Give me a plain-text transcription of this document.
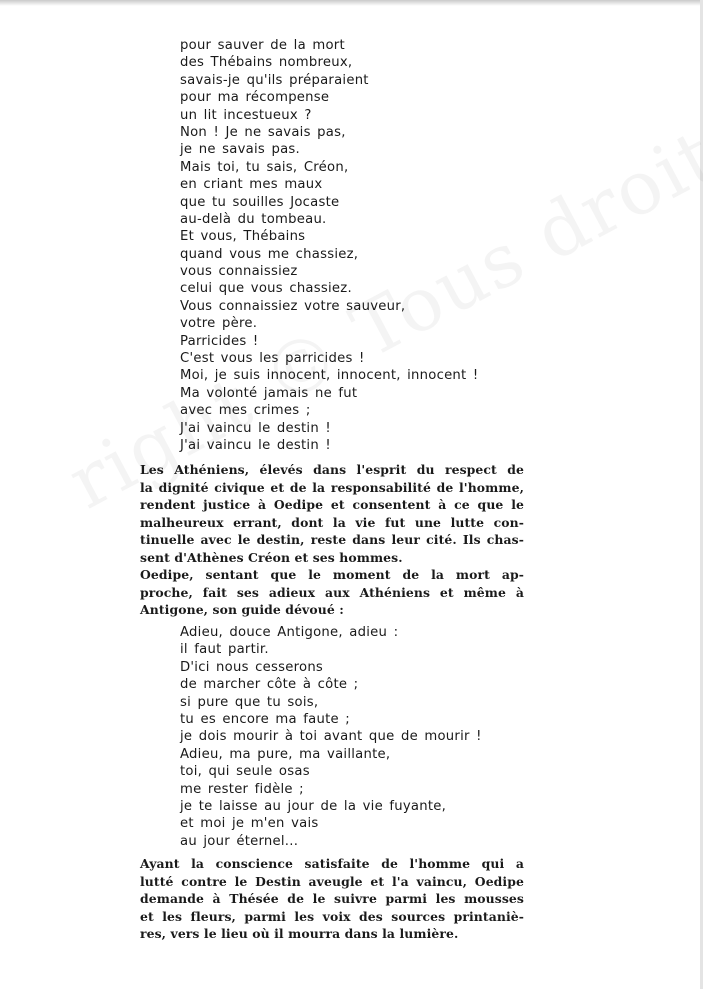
pour sauver de la mort
des Thébains nombreux,
savais-je qu'ils préparaient
pour ma récompense
un lit incestueux ?
Non ! Je ne savais pas,
je ne savais pas.
Mais toi, tu sais, Créon,
en criant mes maux
que tu souilles Jocaste
au-delà du tombeau.
Et vous, Thébains
quand vous me chassiez,
vous connaissiez
celui que vous chassiez.
Vous connaissiez votre sauveur,
votre père.
Parricides !
C'est vous les parricides !
Moi, je suis innocent, innocent, innocent !
Ma volonté jamais ne fut
avec mes crimes ;
J'ai vaincu le destin !
J'ai vaincu le destin !

Les Athéniens, élevés dans l'esprit du respect de
la dignité civique et de la responsabilité de l'homme,
rendent justice à Oedipe et consentent à ce que le
malheureux errant, dont la vie fut une lutte con-
tinuelle avec le destin, reste dans leur cité. Ils chas-
sent d'Athènes Créon et ses hommes.

Oedipe, sentant que le moment de la mort ap-
proche, fait ses adieux aux Athéniens et même à
Antigone, son guide dévoué :

Adieu, douce Antigone, adieu :
il faut partir.
D'ici nous cesserons
de marcher côte à côte ;
si pure que tu sois,
tu es encore ma faute ;
je dois mourir à toi avant que de mourir !
Adieu, ma pure, ma vaillante,
toi, qui seule osas
me rester fidèle ;
je te laisse au jour de la vie fuyante,
et moi je m'en vais
au jour éternel...

Ayant la conscience satisfaite de l'homme qui a
lutté contre le Destin aveugle et l'a vaincu, Oedipe
demande à Thésée de le suivre parmi les mousses
et les fleurs, parmi les voix des sources printaniè-
res, vers le lieu où il mourra dans la lumière.
